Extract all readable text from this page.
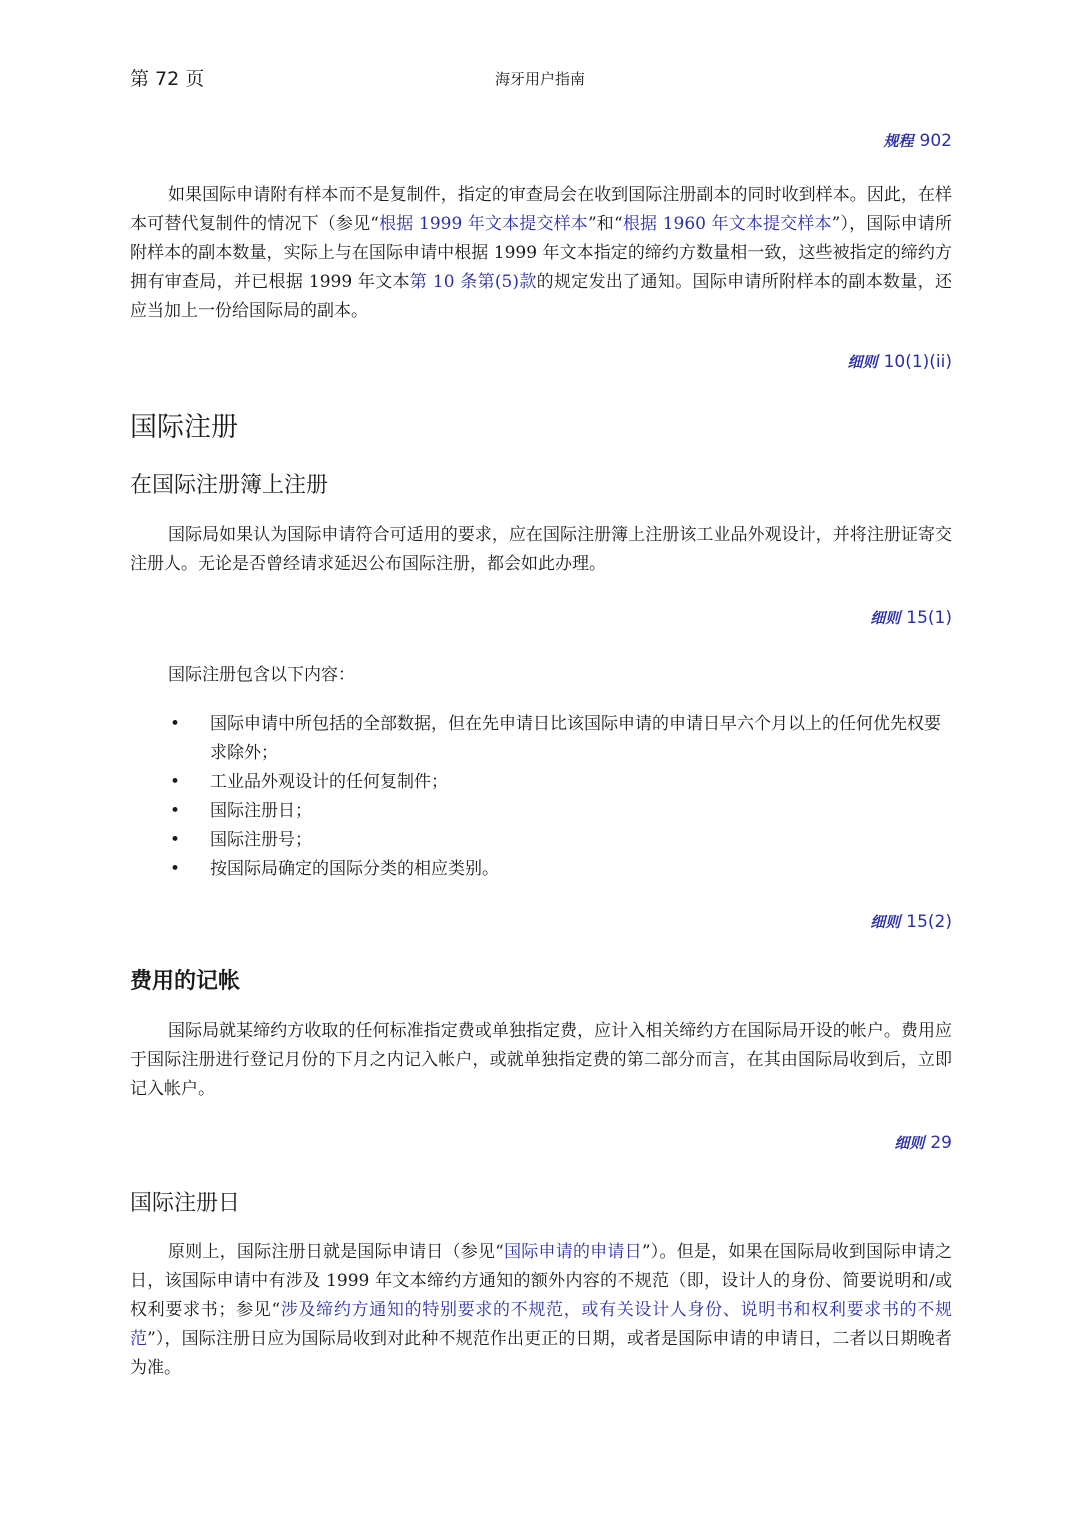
第 72 页	海牙用户指南
规程 902

如果国际申请附有样本而不是复制件，指定的审查局会在收到国际注册副本的同时收到样本。因此，在样本可替代复制件的情况下（参见“根据 1999 年文本提交样本”和“根据 1960 年文本提交样本”），国际申请所附样本的副本数量，实际上与在国际申请中根据 1999 年文本指定的缔约方数量相一致，这些被指定的缔约方拥有审查局，并已根据 1999 年文本第 10 条第(5)款的规定发出了通知。国际申请所附样本的副本数量，还应当加上一份给国际局的副本。

细则 10(1)(ii)
国际注册
在国际注册簿上注册

国际局如果认为国际申请符合可适用的要求，应在国际注册簿上注册该工业品外观设计，并将注册证寄交注册人。无论是否曾经请求延迟公布国际注册，都会如此办理。

细则 15(1)

国际注册包含以下内容：

• 国际申请中所包括的全部数据，但在先申请日比该国际申请的申请日早六个月以上的任何优先权要求除外；
• 工业品外观设计的任何复制件；
• 国际注册日；
• 国际注册号；
• 按国际局确定的国际分类的相应类别。
细则 15(2)
费用的记帐

国际局就某缔约方收取的任何标准指定费或单独指定费，应计入相关缔约方在国际局开设的帐户。费用应于国际注册进行登记月份的下月之内记入帐户，或就单独指定费的第二部分而言，在其由国际局收到后，立即记入帐户。

细则 29
国际注册日

原则上，国际注册日就是国际申请日（参见“国际申请的申请日”）。但是，如果在国际局收到国际申请之日，该国际申请中有涉及 1999 年文本缔约方通知的额外内容的不规范（即，设计人的身份、简要说明和/或权利要求书；参见“涉及缔约方通知的特别要求的不规范，或有关设计人身份、说明书和权利要求书的不规范”），国际注册日应为国际局收到对此种不规范作出更正的日期，或者是国际申请的申请日，二者以日期晚者为准。
